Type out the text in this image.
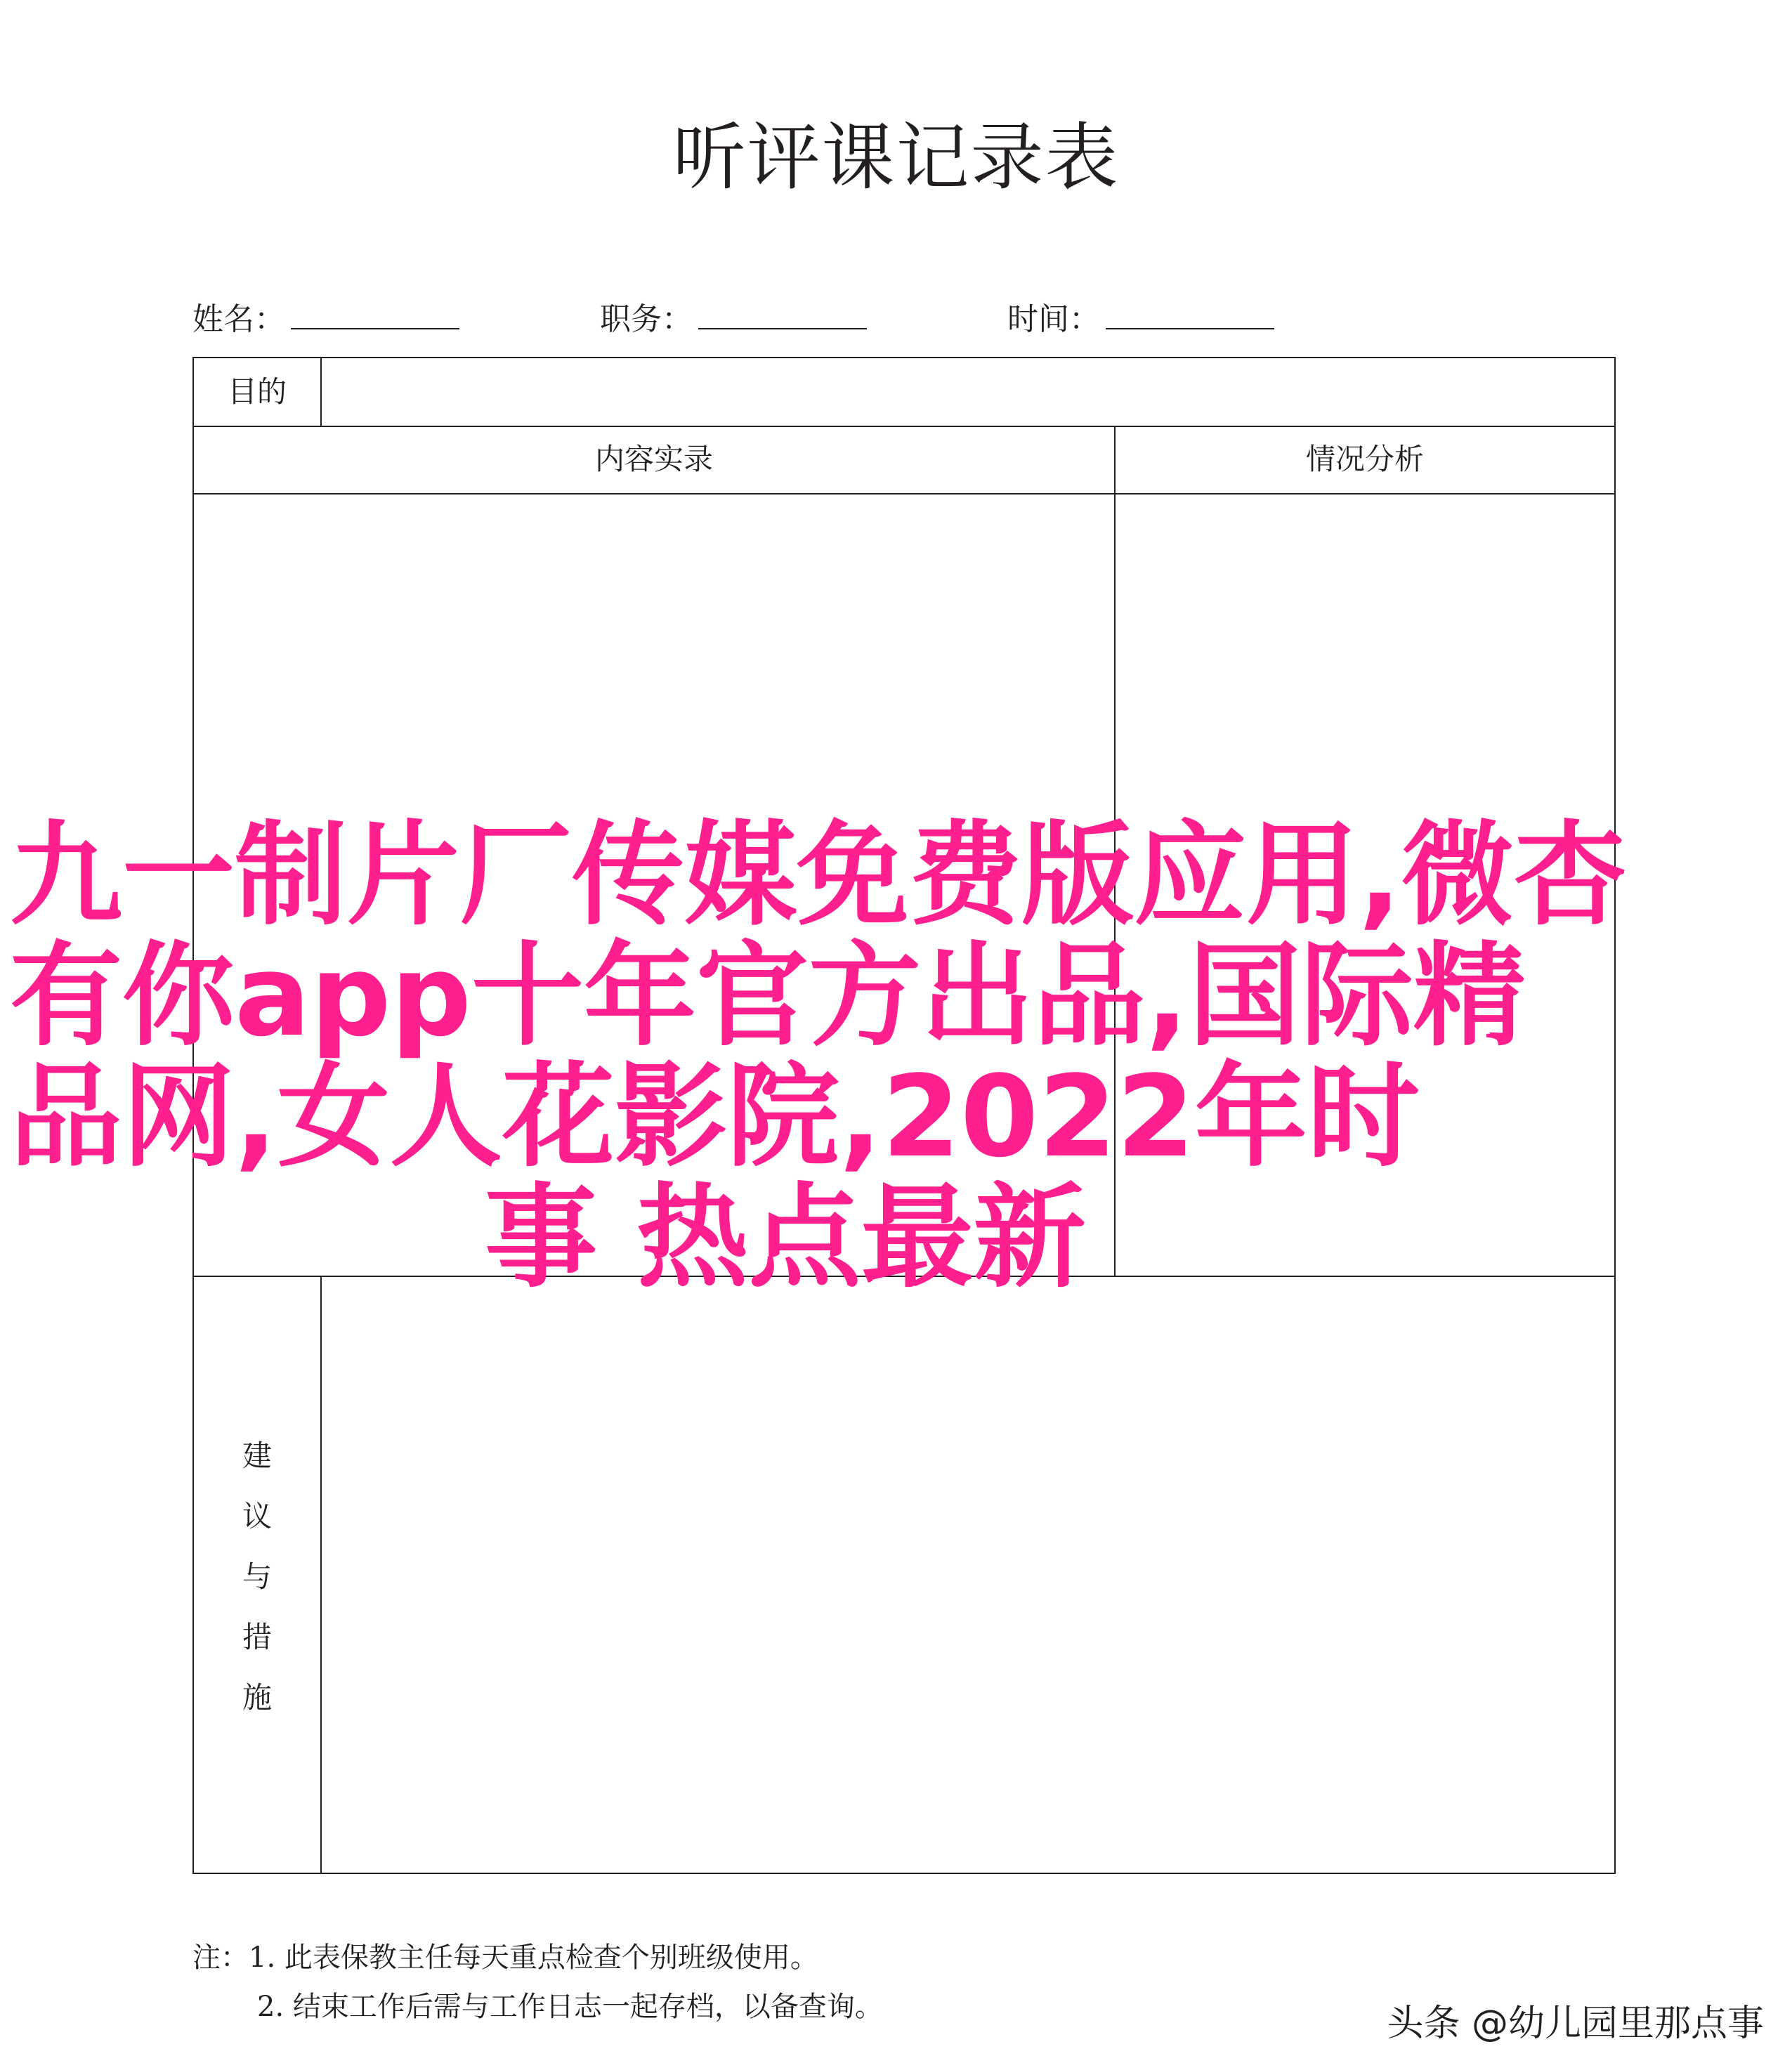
听评课记录表
姓名：	职务：	时间：
目的
内容实录	情况分析
建
议
与
措
施
注：1. 此表保教主任每天重点检查个别班级使用。
2. 结束工作后需与工作日志一起存档，以备查询。
九一制片厂传媒免费版应用,微杏
有你app十年官方出品,国际精
品网,女人花影院,2022年时
事 热点最新
头条 @幼儿园里那点事
